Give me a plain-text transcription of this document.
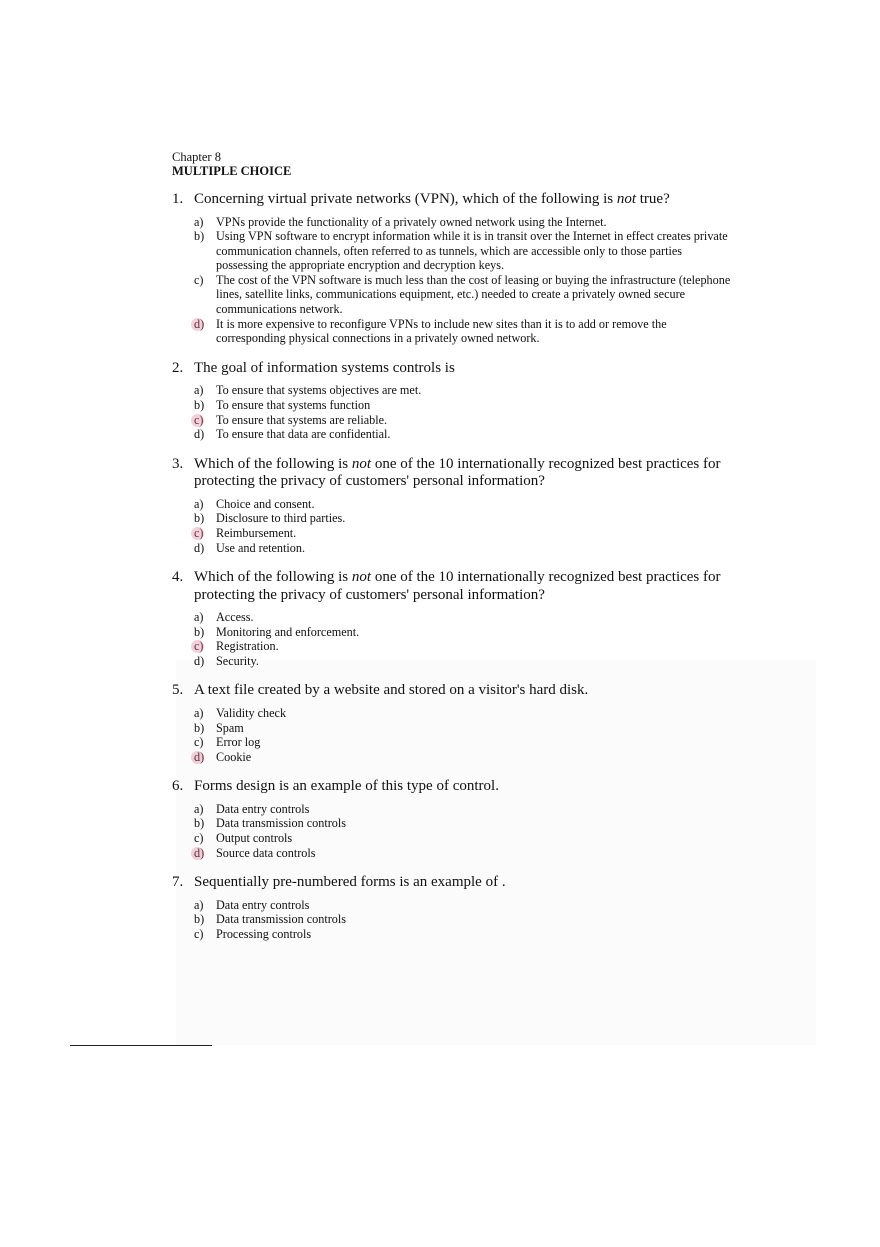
Chapter 8
MULTIPLE CHOICE
1. Concerning virtual private networks (VPN), which of the following is not true?
a)	VPNs provide the functionality of a privately owned network using the Internet.
b) Using VPN software to encrypt information while it is in transit over the Internet in effect creates private communication channels, often referred to as tunnels, which are accessible only to those parties possessing the appropriate encryption and decryption keys.
c)	The cost of the VPN software is much less than the cost of leasing or buying the infrastructure (telephone lines, satellite links, communications equipment, etc.) needed to create a privately owned secure communications network.
d) It is more expensive to reconfigure VPNs to include new sites than it is to add or remove the corresponding physical connections in a privately owned network.
2. The goal of information systems controls is
a)	To ensure that systems objectives are met.
b) To ensure that systems function
c)	To ensure that systems are reliable.
d) To ensure that data are confidential.
3. Which of the following is not one of the 10 internationally recognized best practices for protecting the privacy of customers' personal information?
a)	Choice and consent.
b) Disclosure to third parties.
c)	Reimbursement.
d) Use and retention.
4. Which of the following is not one of the 10 internationally recognized best practices for protecting the privacy of customers' personal information?
a)	Access.
b) Monitoring and enforcement.
c)	Registration.
d) Security.
5. A text file created by a website and stored on a visitor's hard disk.
a)	Validity check
b) Spam
c)	Error log
d) Cookie
6. Forms design is an example of this type of control.
a)	Data entry controls
b) Data transmission controls
c)	Output controls
d) Source data controls
7. Sequentially pre-numbered forms is an example of .
a)	Data entry controls
b) Data transmission controls
c)	Processing controls
